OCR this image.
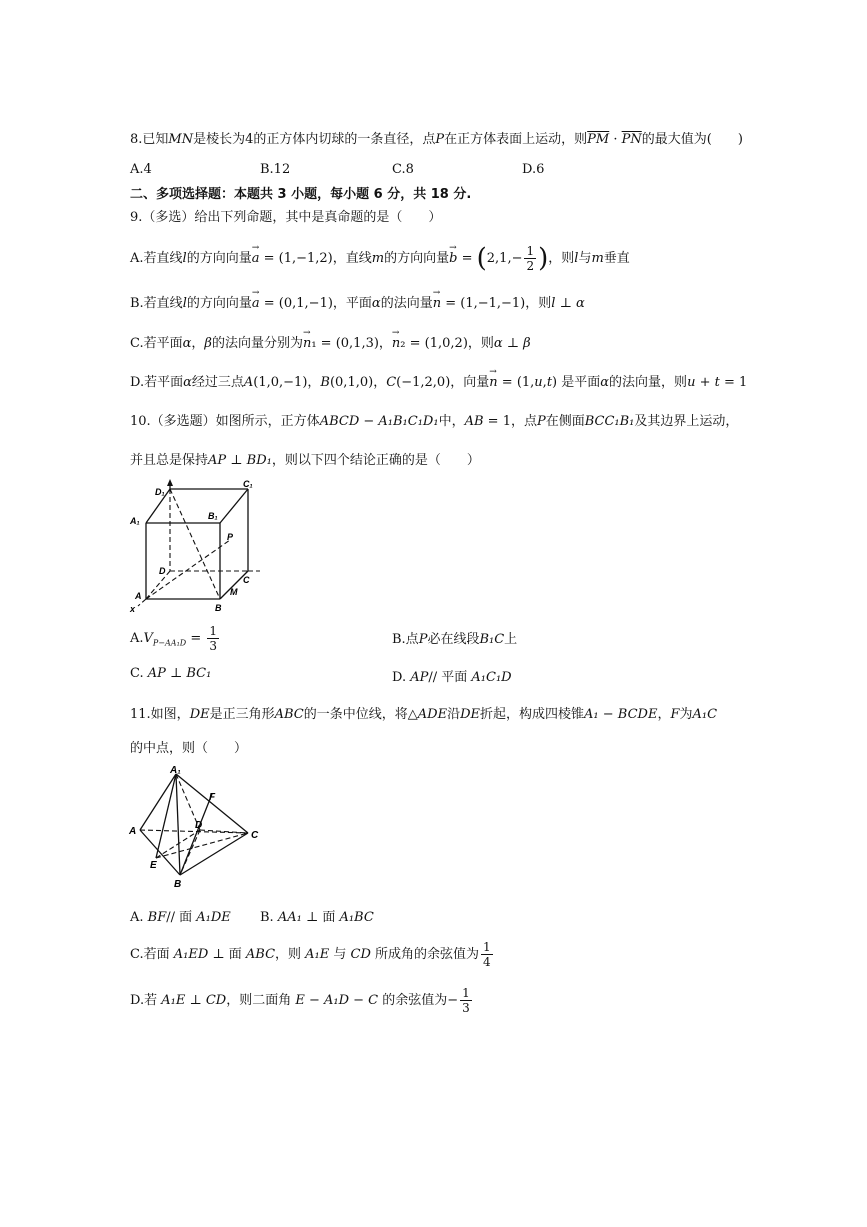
8.已知MN是棱长为4的正方体内切球的一条直径，点P在正方体表面上运动，则$\overline{PM} \cdot \overline{PN}$的最大值为(　　)
A.4	B.12	C.8	D.6
二、多项选择题：本题共 3 小题，每小题 6 分，共 18 分.
9.（多选）给出下列命题，其中是真命题的是（　　）
A.若直线l的方向向量→ a = (1,−1,2)，直线m的方向向量→ $b = (2,1,- \frac{1}{2}$ )，则l与m垂直
B.若直线l的方向向量→ a = (0,1,−1)，平面α的法向量→ n = (1,−1,−1)，则l ⊥ α
C.若平面α，β的法向量分别为→ n₁ = (0,1,3)，→ n₂ = (1,0,2)，则α ⊥ β
D.若平面α经过三点A(1,0,−1)，B(0,1,0)，C(−1,2,0)，向量→ n = (1,u,t) 是平面α的法向量，则u + t = 1
10.（多选题）如图所示，正方体ABCD − A₁B₁C₁D₁中，AB = 1，点P在侧面BCC₁B₁及其边界上运动，
并且总是保持AP ⊥ BD₁，则以下四个结论正确的是（　　）
D₁
C₁
A₁	B₁
P
D
C
A
B
M
x
$A.V_{P-AA_1D} = \frac{1}{3}$	B.点P必在线段B₁C上
C. AP ⊥ BC₁	D. AP// 平面 A₁C₁D
11.如图，DE是正三角形ABC的一条中位线，将△ADE沿DE折起，构成四棱锥A₁ − BCDE，F为A₁C
的中点，则（　　）
A₁
F
A
D
C
E
B
A. BF// 面 A₁DE B. AA₁ ⊥ 面 A₁BC
C.若面 A₁ED ⊥ 面 ABC，则 A₁E 与 CD 所成角的余弦值为 $\frac{1}{4}$
D.若 A₁E ⊥ CD，则二面角 E − A₁D − C 的余弦值为− $\frac{1}{3}$
